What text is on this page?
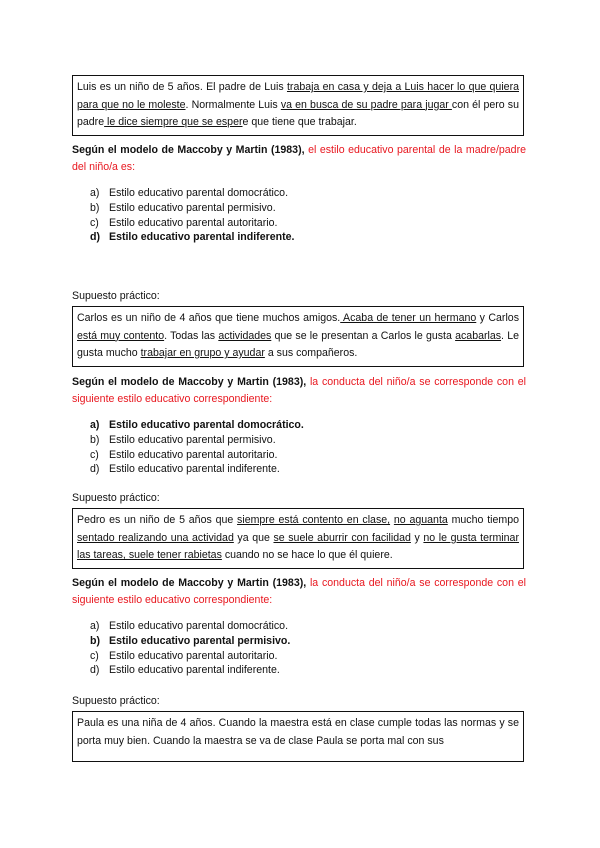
Luis es un niño de 5 años. El padre de Luis trabaja en casa y deja a Luis hacer lo que quiera para que no le moleste. Normalmente Luis va en busca de su padre para jugar con él pero su padre le dice siempre que se espere que tiene que trabajar.
Según el modelo de Maccoby y Martin (1983), el estilo educativo parental de la madre/padre del niño/a es:
a) Estilo educativo parental domocrático.
b) Estilo educativo parental permisivo.
c) Estilo educativo parental autoritario.
d) Estilo educativo parental indiferente.
Supuesto práctico:
Carlos es un niño de 4 años que tiene muchos amigos. Acaba de tener un hermano y Carlos está muy contento. Todas las actividades que se le presentan a Carlos le gusta acabarlas. Le gusta mucho trabajar en grupo y ayudar a sus compañeros.
Según el modelo de Maccoby y Martin (1983), la conducta del niño/a se corresponde con el siguiente estilo educativo correspondiente:
a) Estilo educativo parental domocrático.
b) Estilo educativo parental permisivo.
c) Estilo educativo parental autoritario.
d) Estilo educativo parental indiferente.
Supuesto práctico:
Pedro es un niño de 5 años que siempre está contento en clase, no aguanta mucho tiempo sentado realizando una actividad ya que se suele aburrir con facilidad y no le gusta terminar las tareas, suele tener rabietas cuando no se hace lo que él quiere.
Según el modelo de Maccoby y Martin (1983), la conducta del niño/a se corresponde con el siguiente estilo educativo correspondiente:
a) Estilo educativo parental domocrático.
b) Estilo educativo parental permisivo.
c) Estilo educativo parental autoritario.
d) Estilo educativo parental indiferente.
Supuesto práctico:
Paula es una niña de 4 años. Cuando la maestra está en clase cumple todas las normas y se porta muy bien. Cuando la maestra se va de clase Paula se porta mal con sus
